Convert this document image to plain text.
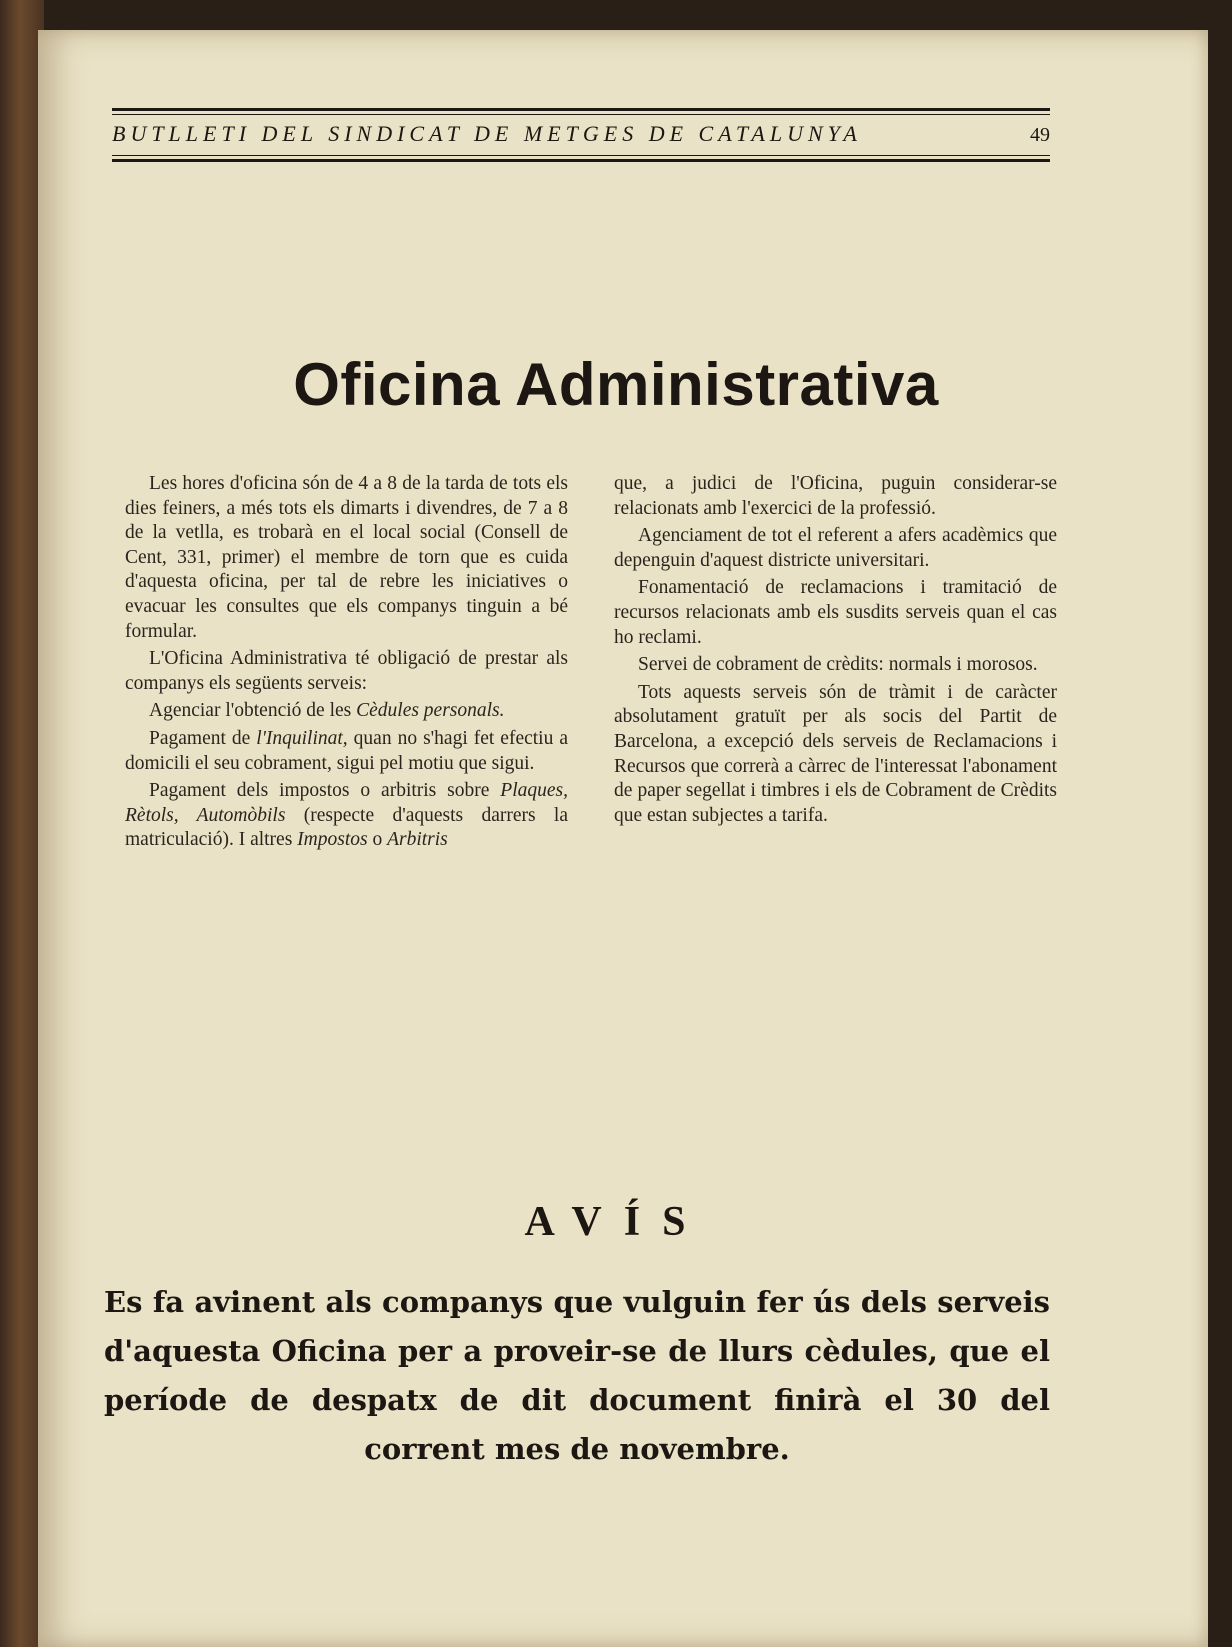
BUTLLETI DEL SINDICAT DE METGES DE CATALUNYA	49
Oficina Administrativa

Les hores d'oficina són de 4 a 8 de la tarda de tots els dies feiners, a més tots els dimarts i divendres, de 7 a 8 de la vetlla, es trobarà en el local social (Consell de Cent, 331, primer) el membre de torn que es cuida d'aquesta oficina, per tal de rebre les iniciatives o evacuar les consultes que els companys tinguin a bé formular.

L'Oficina Administrativa té obligació de prestar als companys els següents serveis:

Agenciar l'obtenció de les Cèdules personals.

Pagament de l'Inquilinat, quan no s'hagi fet efectiu a domicili el seu cobrament, sigui pel motiu que sigui.

Pagament dels impostos o arbitris sobre Plaques, Rètols, Automòbils (respecte d'aquests darrers la matriculació). I altres Impostos o Arbitris

que, a judici de l'Oficina, puguin considerar-se relacionats amb l'exercici de la professió.

Agenciament de tot el referent a afers acadèmics que depenguin d'aquest districte universitari.

Fonamentació de reclamacions i tramitació de recursos relacionats amb els susdits serveis quan el cas ho reclami.

Servei de cobrament de crèdits: normals i morosos.

Tots aquests serveis són de tràmit i de caràcter absolutament gratuït per als socis del Partit de Barcelona, a excepció dels serveis de Reclamacions i Recursos que correrà a càrrec de l'interessat l'abonament de paper segellat i timbres i els de Cobrament de Crèdits que estan subjectes a tarifa.

AVÍS
Es fa avinent als companys que vulguin fer ús dels serveis d'aquesta Oficina per a proveir-se de llurs cèdules, que el període de despatx de dit document finirà el 30 del corrent mes de novembre.
